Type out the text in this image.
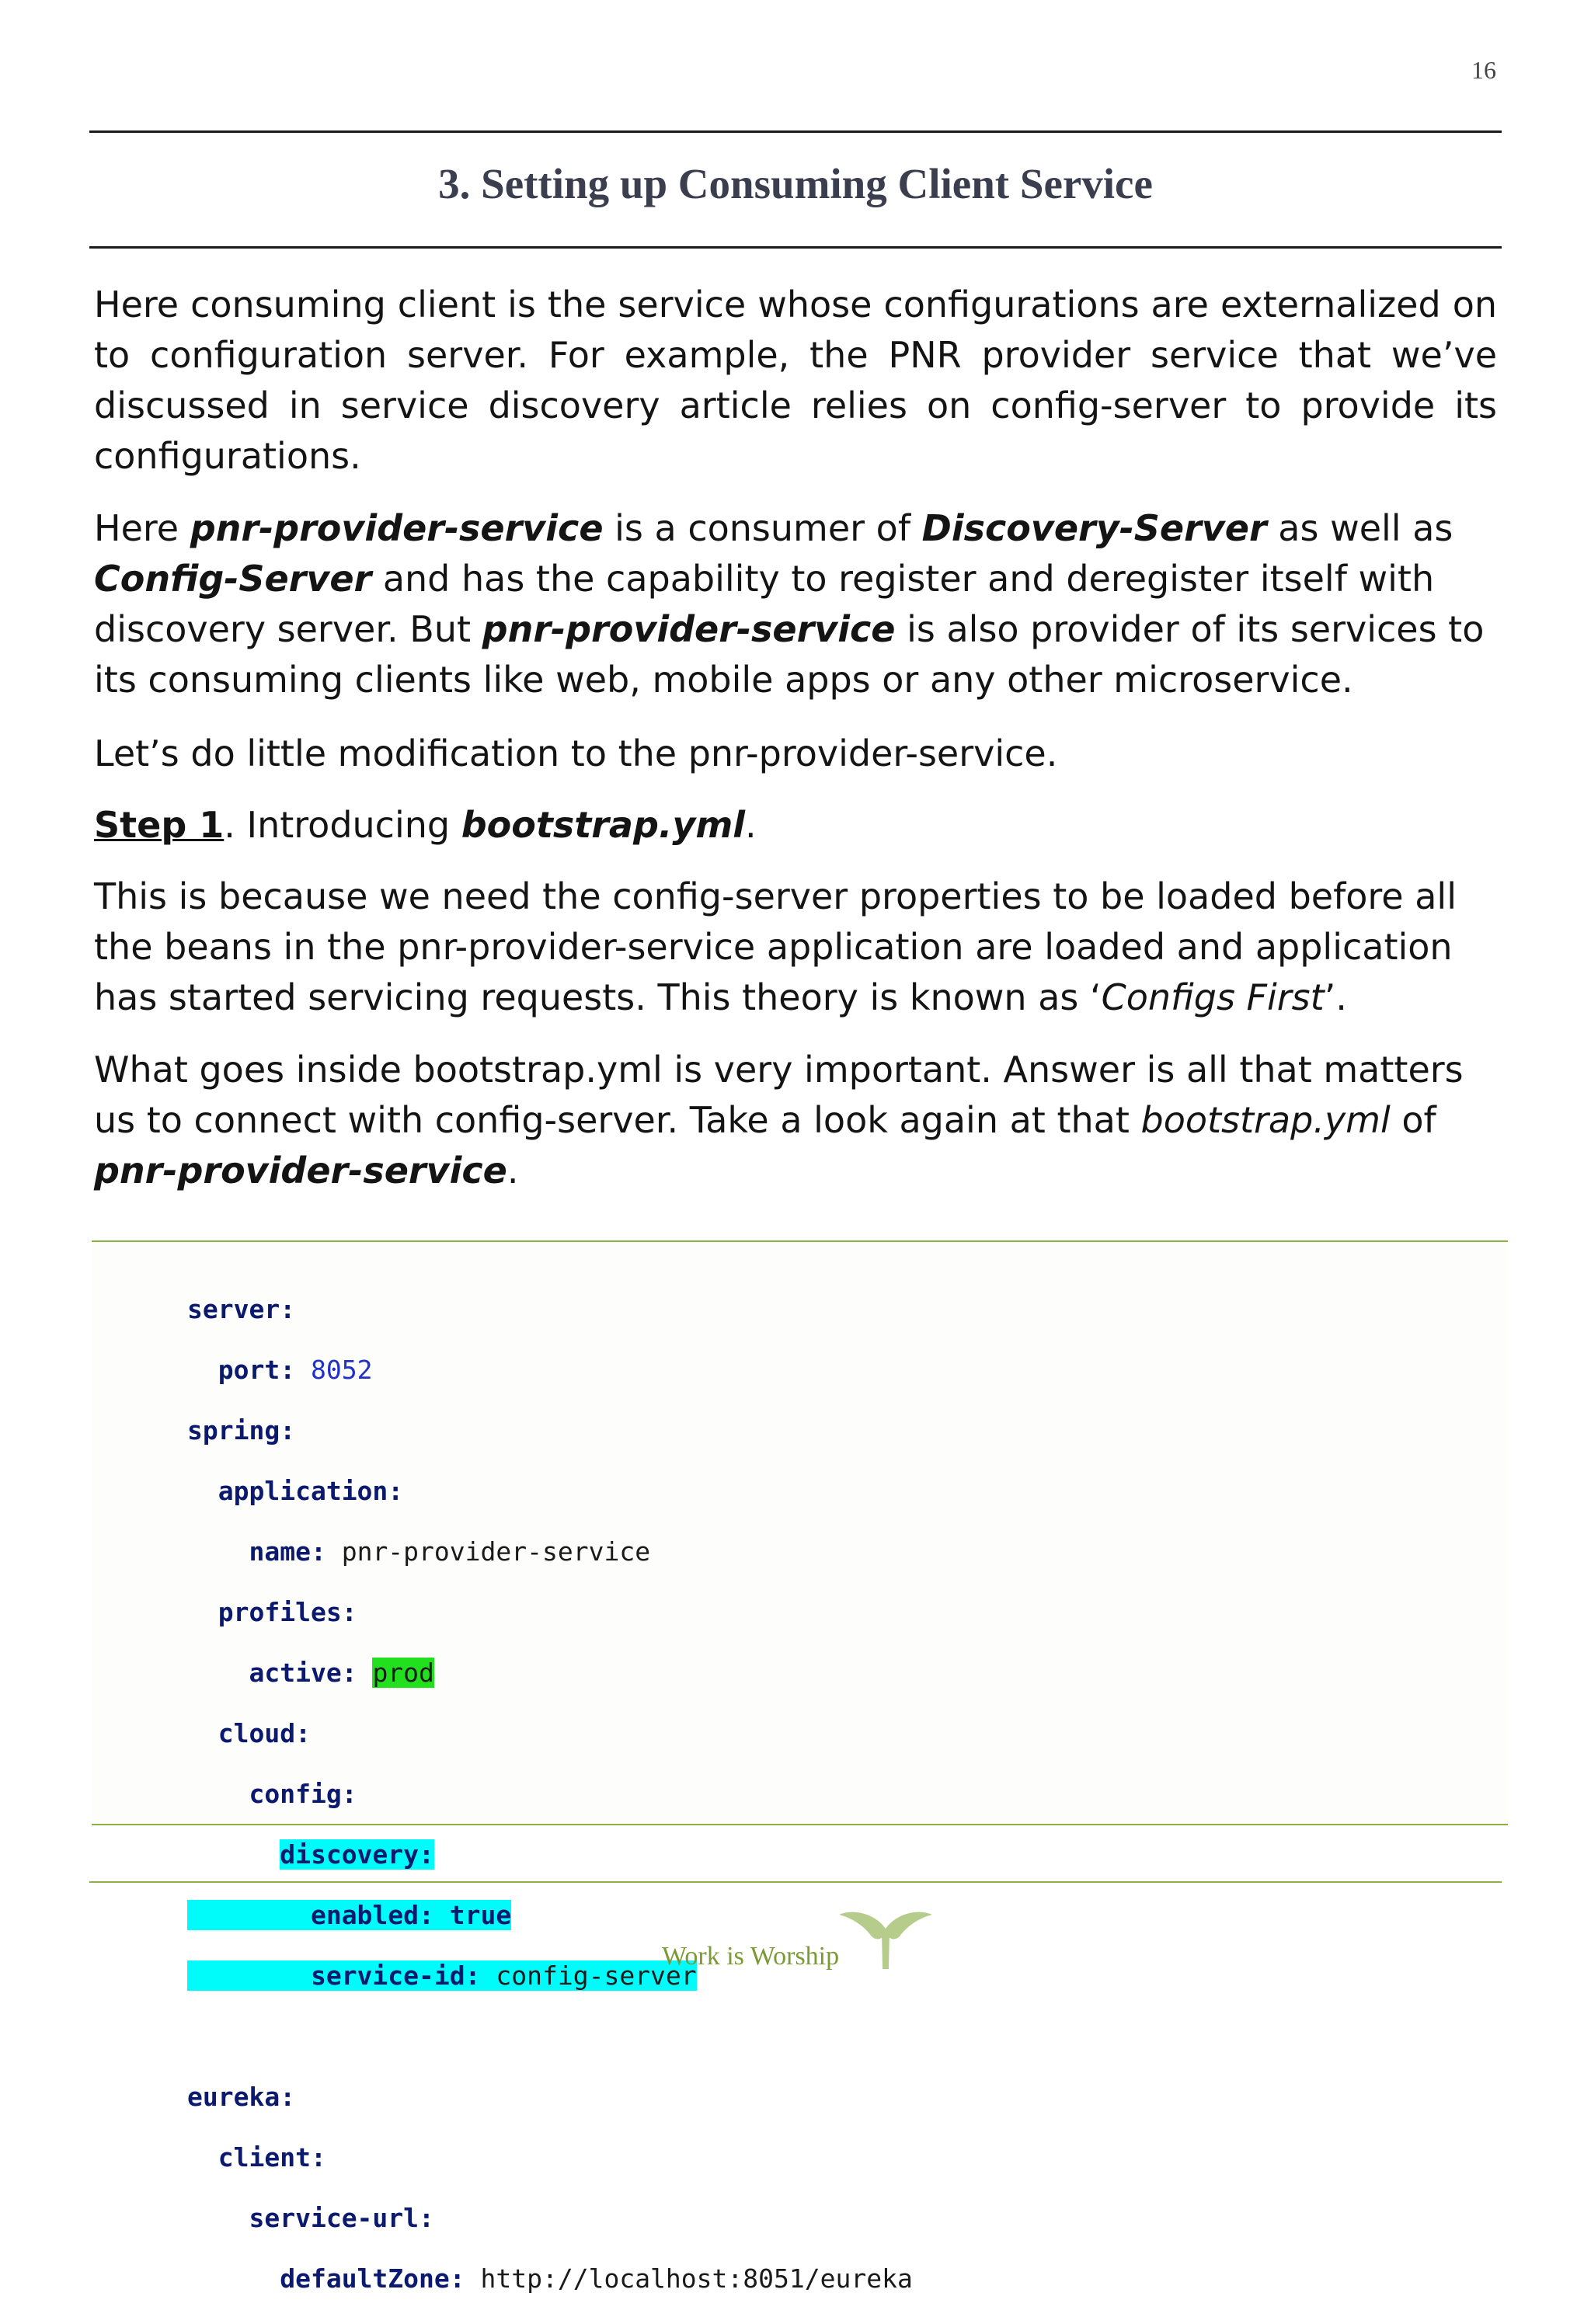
16
3. Setting up Consuming Client Service

Here consuming client is the service whose configurations are externalized on to configuration server. For example, the PNR provider service that we’ve discussed in service discovery article relies on config-server to provide its configurations.

Here pnr-provider-service is a consumer of Discovery-Server as well as Config-Server and has the capability to register and deregister itself with discovery server. But pnr-provider-service is also provider of its services to its consuming clients like web, mobile apps or any other microservice.

Let’s do little modification to the pnr-provider-service.

Step 1. Introducing bootstrap.yml.

This is because we need the config-server properties to be loaded before all the beans in the pnr-provider-service application are loaded and application has started servicing requests. This theory is known as ‘Configs First’.

What goes inside bootstrap.yml is very important. Answer is all that matters us to connect with config-server. Take a look again at that bootstrap.yml of pnr-provider-service.

server:

port: 8052

spring:

application:

name: pnr-provider-service

profiles:

active: prod

cloud:

config:

discovery:

enabled: true

service-id: config-server

eureka:

client:

service-url:

defaultZone: http://localhost:8051/eureka

Work is Worship
